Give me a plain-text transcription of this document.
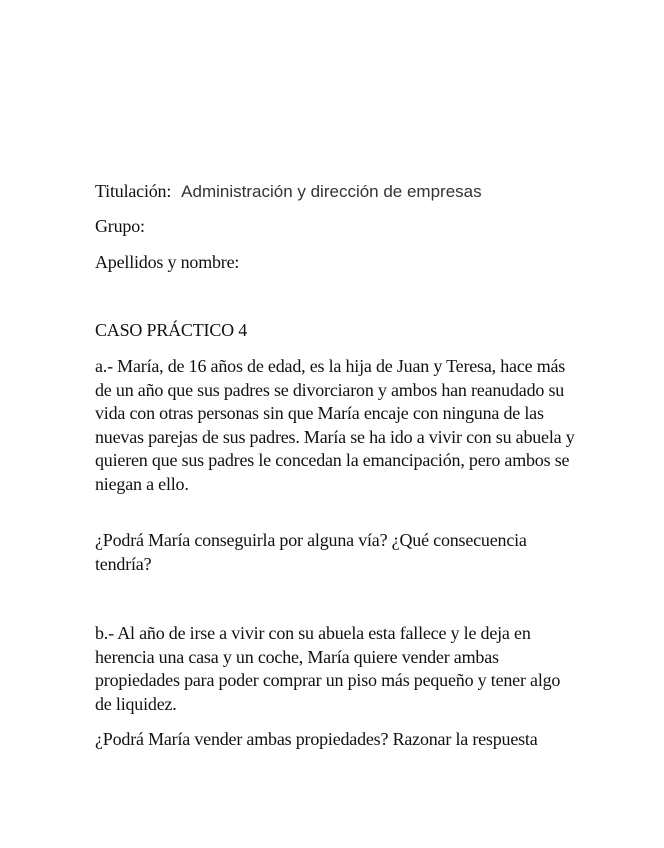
Titulación: Administración y dirección de empresas
Grupo:
Apellidos y nombre:
CASO PRÁCTICO 4

a.- María, de 16 años de edad, es la hija de Juan y Teresa, hace más de un año que sus padres se divorciaron y ambos han reanudado su vida con otras personas sin que María encaje con ninguna de las nuevas parejas de sus padres. María se ha ido a vivir con su abuela y quieren que sus padres le concedan la emancipación, pero ambos se niegan a ello.

¿Podrá María conseguirla por alguna vía? ¿Qué consecuencia tendría?

b.- Al año de irse a vivir con su abuela esta fallece y le deja en herencia una casa y un coche, María quiere vender ambas propiedades para poder comprar un piso más pequeño y tener algo de liquidez.

¿Podrá María vender ambas propiedades? Razonar la respuesta
